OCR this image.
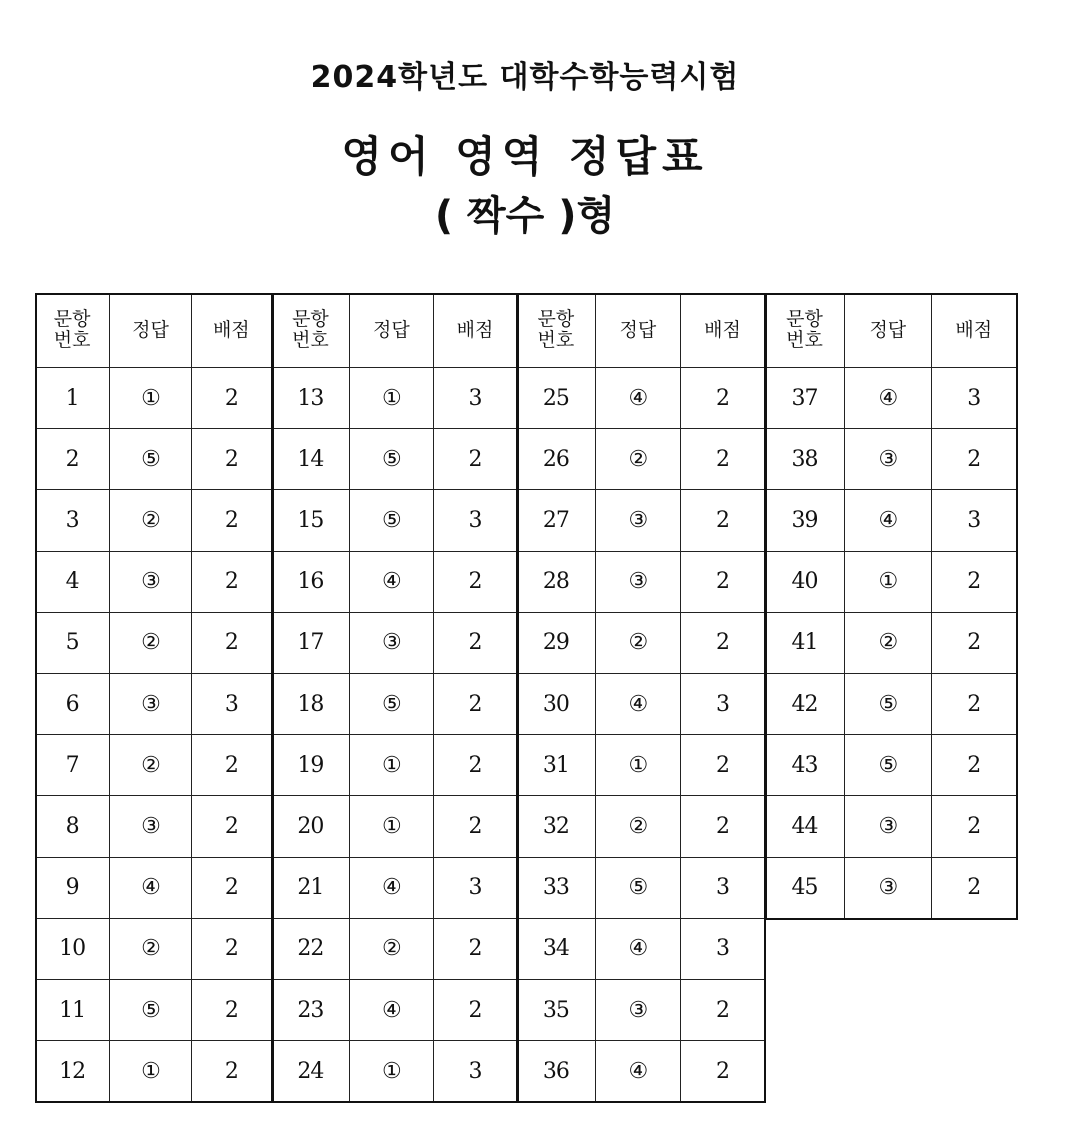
2024학년도 대학수학능력시험
영어 영역 정답표
( 짝수 )형
문항
번호	정답	배점
1	①	2
2	⑤	2
3	②	2
4	③	2
5	②	2
6	③	3
7	②	2
8	③	2
9	④	2
10	②	2
11	⑤	2
12	①	2
문항
번호	정답	배점
13	①	3
14	⑤	2
15	⑤	3
16	④	2
17	③	2
18	⑤	2
19	①	2
20	①	2
21	④	3
22	②	2
23	④	2
24	①	3
문항
번호	정답	배점
25	④	2
26	②	2
27	③	2
28	③	2
29	②	2
30	④	3
31	①	2
32	②	2
33	⑤	3
34	④	3
35	③	2
36	④	2
문항
번호	정답	배점
37	④	3
38	③	2
39	④	3
40	①	2
41	②	2
42	⑤	2
43	⑤	2
44	③	2
45	③	2
